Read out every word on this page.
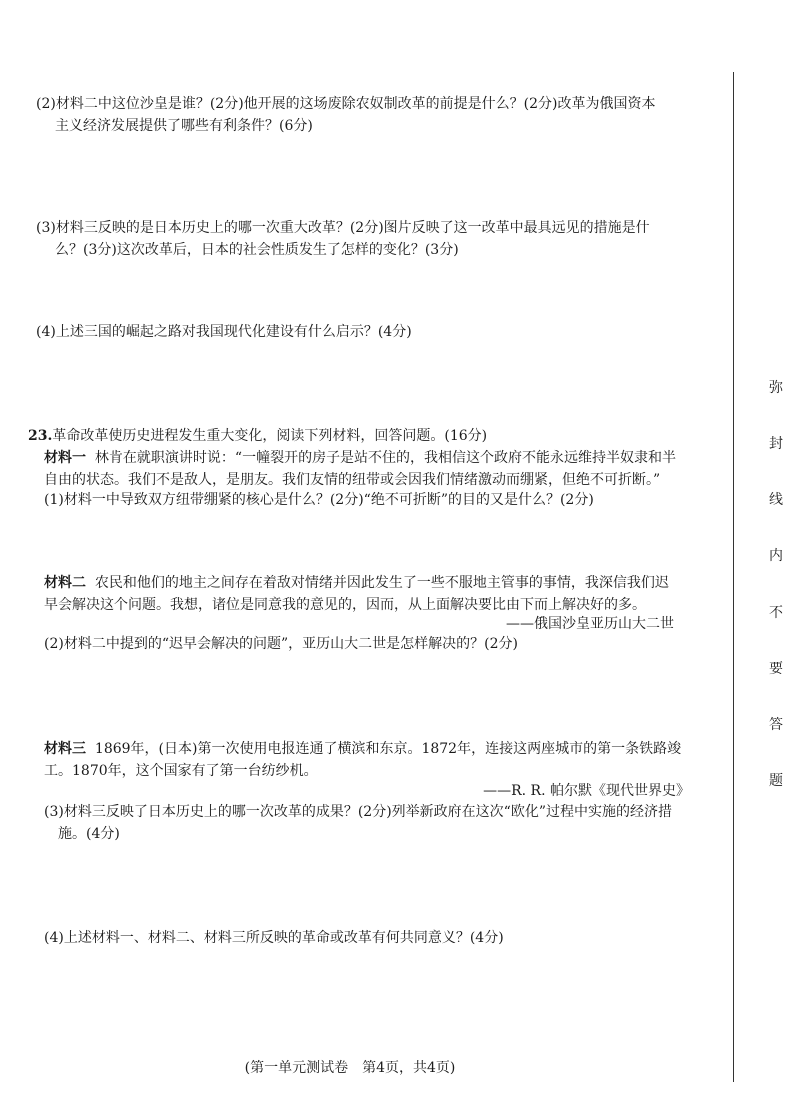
(2)材料二中这位沙皇是谁？(2分)他开展的这场废除农奴制改革的前提是什么？(2分)改革为俄国资本
主义经济发展提供了哪些有利条件？(6分)
(3)材料三反映的是日本历史上的哪一次重大改革？(2分)图片反映了这一改革中最具远见的措施是什
么？(3分)这次改革后，日本的社会性质发生了怎样的变化？(3分)
(4)上述三国的崛起之路对我国现代化建设有什么启示？(4分)
23.革命改革使历史进程发生重大变化，阅读下列材料，回答问题。(16分)
材料一 林肯在就职演讲时说：“一幢裂开的房子是站不住的，我相信这个政府不能永远维持半奴隶和半
自由的状态。我们不是敌人，是朋友。我们友情的纽带或会因我们情绪激动而绷紧，但绝不可折断。”
(1)材料一中导致双方纽带绷紧的核心是什么？(2分)“绝不可折断”的目的又是什么？(2分)
材料二 农民和他们的地主之间存在着敌对情绪并因此发生了一些不服地主管事的事情，我深信我们迟
早会解决这个问题。我想，诸位是同意我的意见的，因而，从上面解决要比由下而上解决好的多。
——俄国沙皇亚历山大二世
(2)材料二中提到的“迟早会解决的问题”，亚历山大二世是怎样解决的？(2分)
材料三 1869年，(日本)第一次使用电报连通了横滨和东京。1872年，连接这两座城市的第一条铁路竣
工。1870年，这个国家有了第一台纺纱机。
——R. R. 帕尔默《现代世界史》
(3)材料三反映了日本历史上的哪一次改革的成果？(2分)列举新政府在这次“欧化”过程中实施的经济措
施。(4分)
(4)上述材料一、材料二、材料三所反映的革命或改革有何共同意义？(4分)
弥
封
线
内
不
要
答
题
(第一单元测试卷　第4页，共4页)
